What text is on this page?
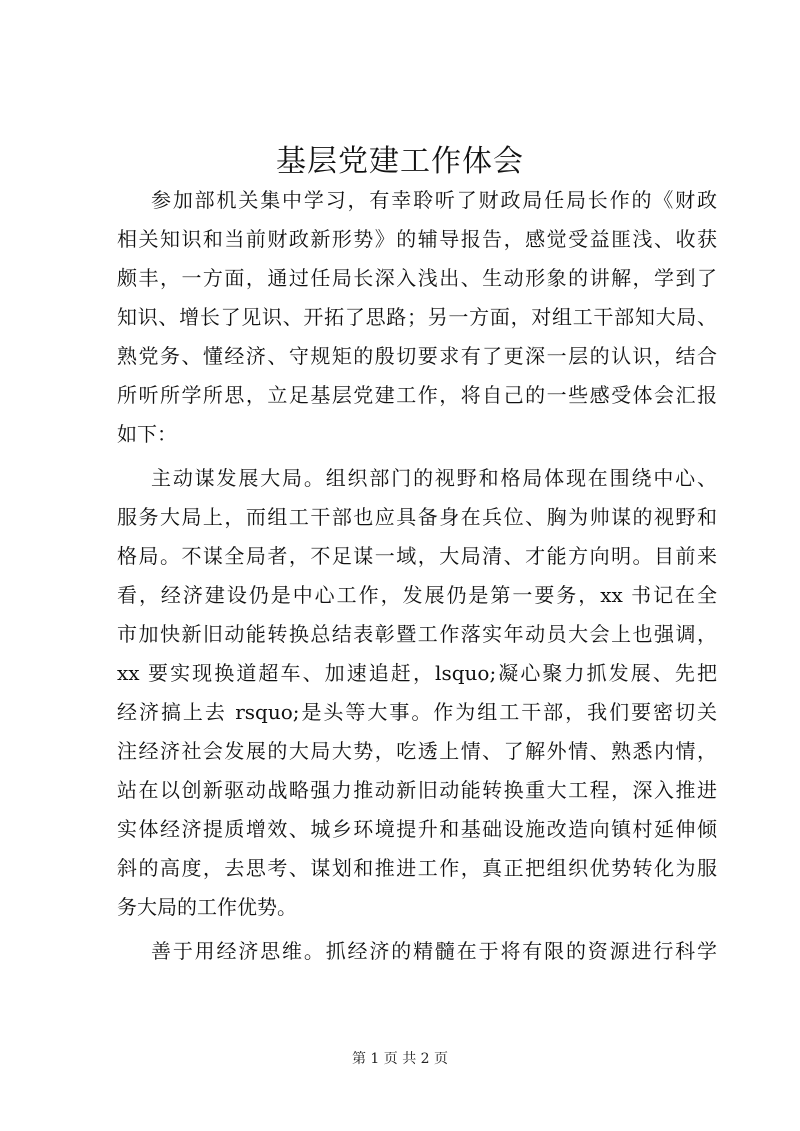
基层党建工作体会
参加部机关集中学习，有幸聆听了财政局任局长作的《财政
相关知识和当前财政新形势》的辅导报告，感觉受益匪浅、收获
颇丰，一方面，通过任局长深入浅出、生动形象的讲解，学到了
知识、增长了见识、开拓了思路；另一方面，对组工干部知大局、
熟党务、懂经济、守规矩的殷切要求有了更深一层的认识，结合
所听所学所思，立足基层党建工作，将自己的一些感受体会汇报
如下：
主动谋发展大局。组织部门的视野和格局体现在围绕中心、
服务大局上，而组工干部也应具备身在兵位、胸为帅谋的视野和
格局。不谋全局者，不足谋一域，大局清、才能方向明。目前来
看，经济建设仍是中心工作，发展仍是第一要务，xx 书记在全
市加快新旧动能转换总结表彰暨工作落实年动员大会上也强调，
xx 要实现换道超车、加速追赶，lsquo;凝心聚力抓发展、先把
经济搞上去 rsquo;是头等大事。作为组工干部，我们要密切关
注经济社会发展的大局大势，吃透上情、了解外情、熟悉内情，
站在以创新驱动战略强力推动新旧动能转换重大工程，深入推进
实体经济提质增效、城乡环境提升和基础设施改造向镇村延伸倾
斜的高度，去思考、谋划和推进工作，真正把组织优势转化为服
务大局的工作优势。
善于用经济思维。抓经济的精髓在于将有限的资源进行科学
第 1 页 共 2 页
